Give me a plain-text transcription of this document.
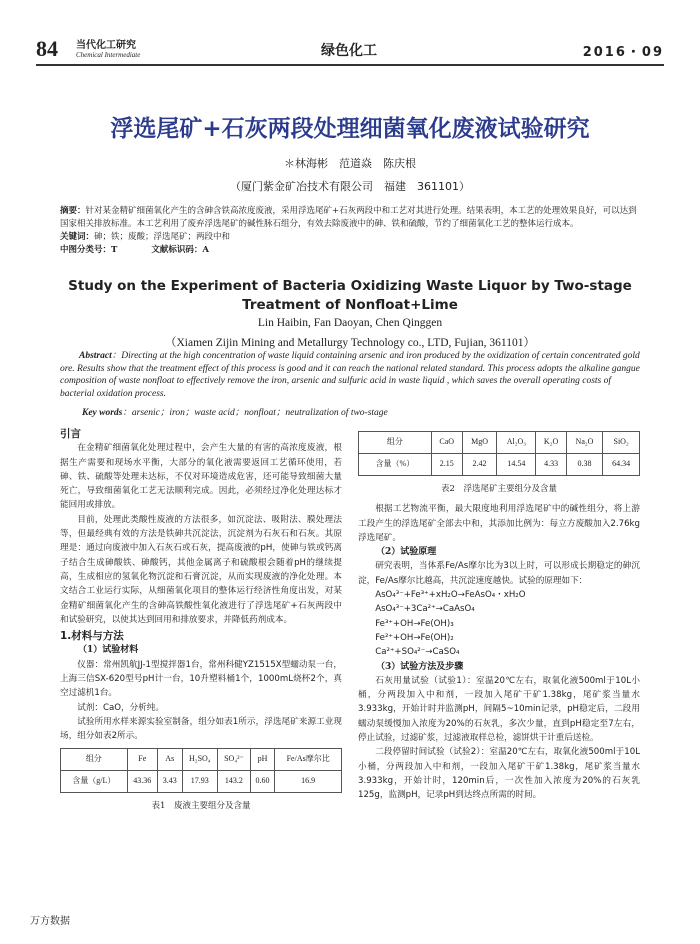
84 当代化工研究
Chemical Intermediate	绿色化工	2016・09
浮选尾矿+石灰两段处理细菌氧化废液试验研究
＊林海彬　范道焱　陈庆根
（厦门紫金矿冶技术有限公司　福建　361101）

摘要：针对某金精矿细菌氧化产生的含砷含铁高浓度废液，采用浮选尾矿+石灰两段中和工艺对其进行处理。结果表明，本工艺的处理效果良好，可以达到国家相关排放标准。本工艺利用了废弃浮选尾矿的碱性脉石组分，有效去除废液中的砷、铁和硫酸，节约了细菌氧化工艺的整体运行成本。

关键词：砷；铁；废酸；浮选尾矿；两段中和

中图分类号：T　　　　	文献标识码：A

Study on the Experiment of Bacteria Oxidizing Waste Liquor by Two-stage Treatment of Nonfloat+Lime
Lin Haibin, Fan Daoyan, Chen Qinggen
（Xiamen Zijin Mining and Metallurgy Technology co., LTD, Fujian, 361101）

  Abstract：Directing at the high concentration of waste liquid containing arsenic and iron produced by the oxidization of certain concentrated gold ore. Results show that the treatment effect of this process is good and it can reach the national related standard. This process adopts the alkaline gangue composition of waste nonfloat to effectively remove the iron, arsenic and sulfuric acid in waste liquid , which saves the overall operating costs of bacterial oxidation process.

Key words：arsenic；iron；waste acid；nonfloat；neutralization of two-stage
引言

在金精矿细菌氧化处理过程中，会产生大量的有害的高浓度废液，根据生产需要和现场水平衡，大部分的氧化液需要返回工艺循环使用，若砷、铁、硫酸等处理未达标，不仅对环境造成危害，还可能导致细菌大量死亡，导致细菌氧化工艺无法顺利完成。因此，必须经过净化处理达标才能回用或排放。

目前，处理此类酸性废液的方法很多，如沉淀法、吸附法、膜处理法等，但最经典有效的方法是铁砷共沉淀法，沉淀剂为石灰石和石灰。其原理是：通过向废液中加入石灰石或石灰，提高废液的pH，使砷与铁或钙离子结合生成砷酸铁、砷酸钙，其他金属离子和硫酸根会随着pH的继续提高，生成相应的氢氧化物沉淀和石膏沉淀，从而实现废液的净化处理。本文结合工业运行实际，从细菌氧化项目的整体运行经济性角度出发，对某金精矿细菌氧化产生的含砷高铁酸性氧化液进行了浮选尾矿+石灰两段中和试验研究，以使其达到回用和排放要求，并降低药剂成本。

1.材料与方法
（1）试验材料

仪器：常州凯航JJ-1型搅拌器1台，常州科健YZ1515X型蠕动泵一台，上海三信SX-620型号pH计一台，10升塑料桶1个，1000mL烧杯2个，真空过滤机1台。

试剂：CaO，分析纯。

试验所用水样来源实验室制备，组分如表1所示，浮选尾矿来源工业现场，组分如表2所示。

组分	Fe	As	H₂SO₄	SO₄²⁻	pH	Fe/As摩尔比
含量（g/L）	43.36	3.43	17.93	143.2	0.60	16.9
表1　废液主要组分及含量
组分	CaO	MgO	Al₂O₃	K₂O	Na₂O	SiO₂
含量（%）	2.15	2.42	14.54	4.33	0.38	64.34
表2　浮选尾矿主要组分及含量

根据工艺物流平衡，最大限度地利用浮选尾矿中的碱性组分，将上游工段产生的浮选尾矿全部去中和，其添加比例为：每立方废酸加入2.76kg浮选尾矿。

（2）试验原理

研究表明，当体系Fe/As摩尔比为3以上时，可以形成长期稳定的砷沉淀，Fe/As摩尔比越高，共沉淀速度越快。试验的原理如下：

AsO₄³⁻+Fe³⁺+xH₂O→FeAsO₄・xH₂O
AsO₄³⁻+3Ca²⁺→CaAsO₄
Fe³⁺+OH→Fe(OH)₃
Fe²⁺+OH→Fe(OH)₂
Ca²⁺+SO₄²⁻→CaSO₄
（3）试验方法及步骤

石灰用量试验（试验1）：室温20℃左右，取氧化液500ml于10L小桶，分两段加入中和剂，一段加入尾矿干矿1.38kg，尾矿浆当量水3.933kg，开始计时并监测pH，间隔5~10min记录，pH稳定后，二段用蠕动泵缓慢加入浓度为20%的石灰乳，多次少量，直到pH稳定至7左右，停止试验，过滤矿浆，过滤液取样总检，滤饼烘干计重后送检。

二段停留时间试验（试验2）：室温20℃左右，取氧化液500ml于10L小桶，分两段加入中和剂，一段加入尾矿干矿1.38kg，尾矿浆当量水3.933kg，开始计时，120min后，一次性加入浓度为20%的石灰乳125g，监测pH，记录pH到达终点所需的时间。

万方数据
